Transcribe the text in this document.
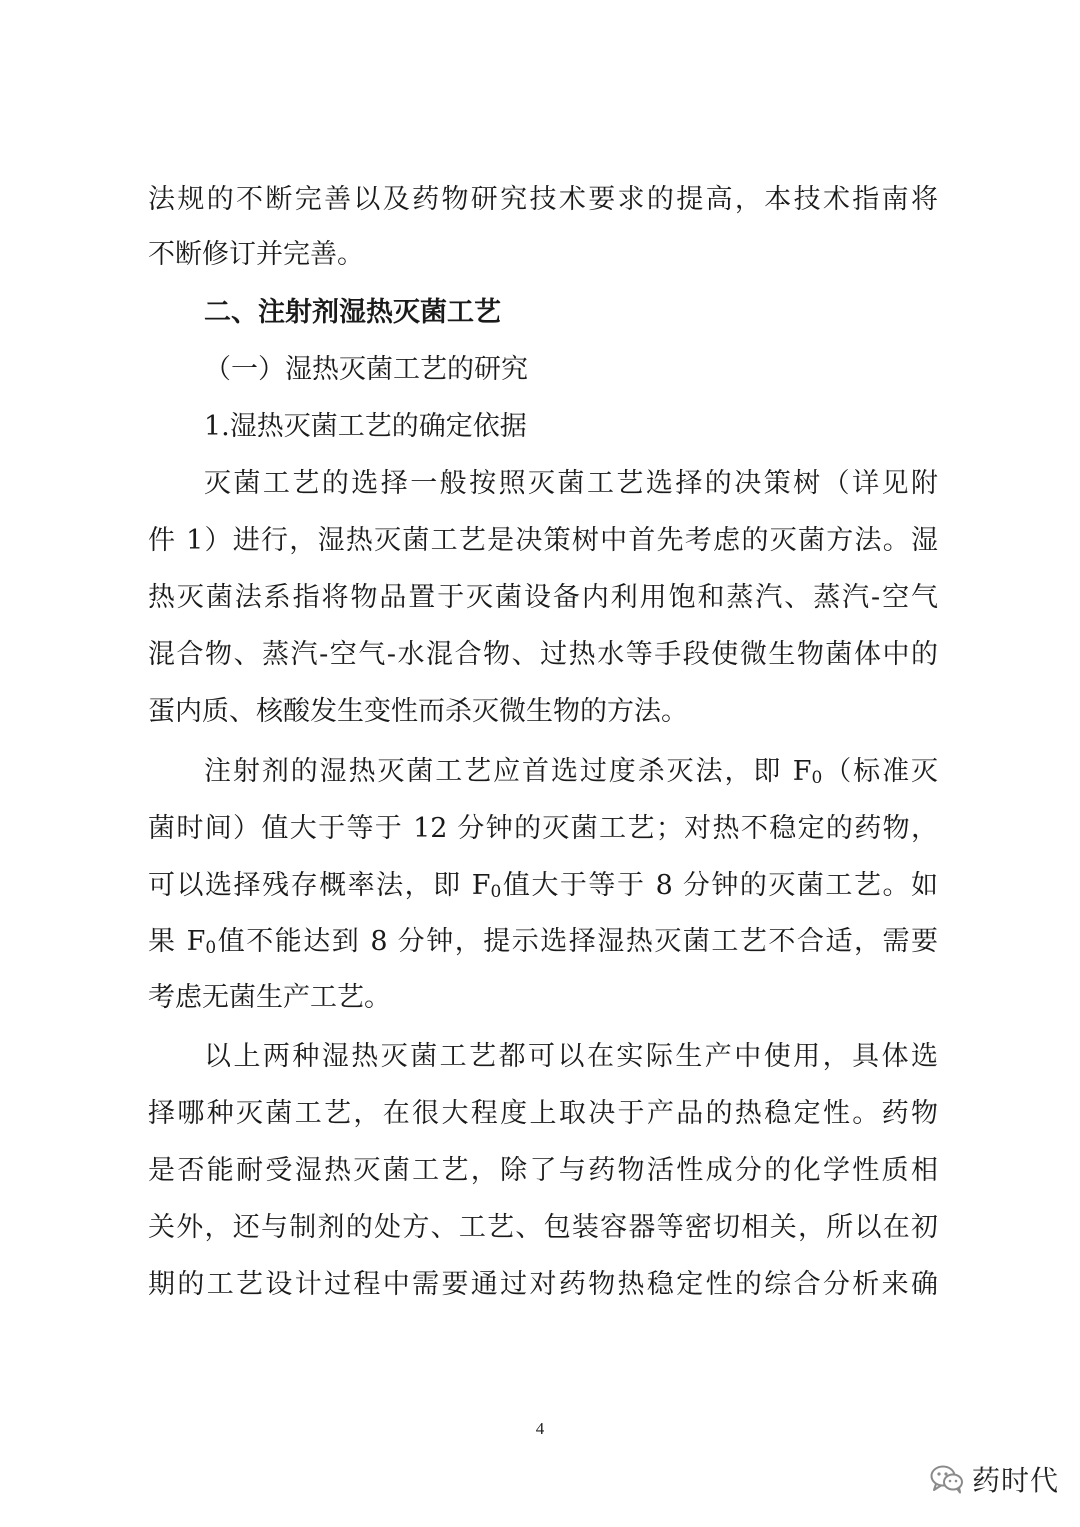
法规的不断完善以及药物研究技术要求的提高，本技术指南将
不断修订并完善。
二、注射剂湿热灭菌工艺
（一）湿热灭菌工艺的研究
1.湿热灭菌工艺的确定依据
灭菌工艺的选择一般按照灭菌工艺选择的决策树（详见附
件 1）进行，湿热灭菌工艺是决策树中首先考虑的灭菌方法。湿
热灭菌法系指将物品置于灭菌设备内利用饱和蒸汽、蒸汽-空气
混合物、蒸汽-空气-水混合物、过热水等手段使微生物菌体中的
蛋内质、核酸发生变性而杀灭微生物的方法。
注射剂的湿热灭菌工艺应首选过度杀灭法，即 $F_0$（标准灭
菌时间）值大于等于 12 分钟的灭菌工艺；对热不稳定的药物，
可以选择残存概率法，即 $F_0$值大于等于 8 分钟的灭菌工艺。如
果 $F_0$值不能达到 8 分钟，提示选择湿热灭菌工艺不合适，需要
考虑无菌生产工艺。
以上两种湿热灭菌工艺都可以在实际生产中使用，具体选
择哪种灭菌工艺，在很大程度上取决于产品的热稳定性。药物
是否能耐受湿热灭菌工艺，除了与药物活性成分的化学性质相
关外，还与制剂的处方、工艺、包装容器等密切相关，所以在初
期的工艺设计过程中需要通过对药物热稳定性的综合分析来确
4
药时代
